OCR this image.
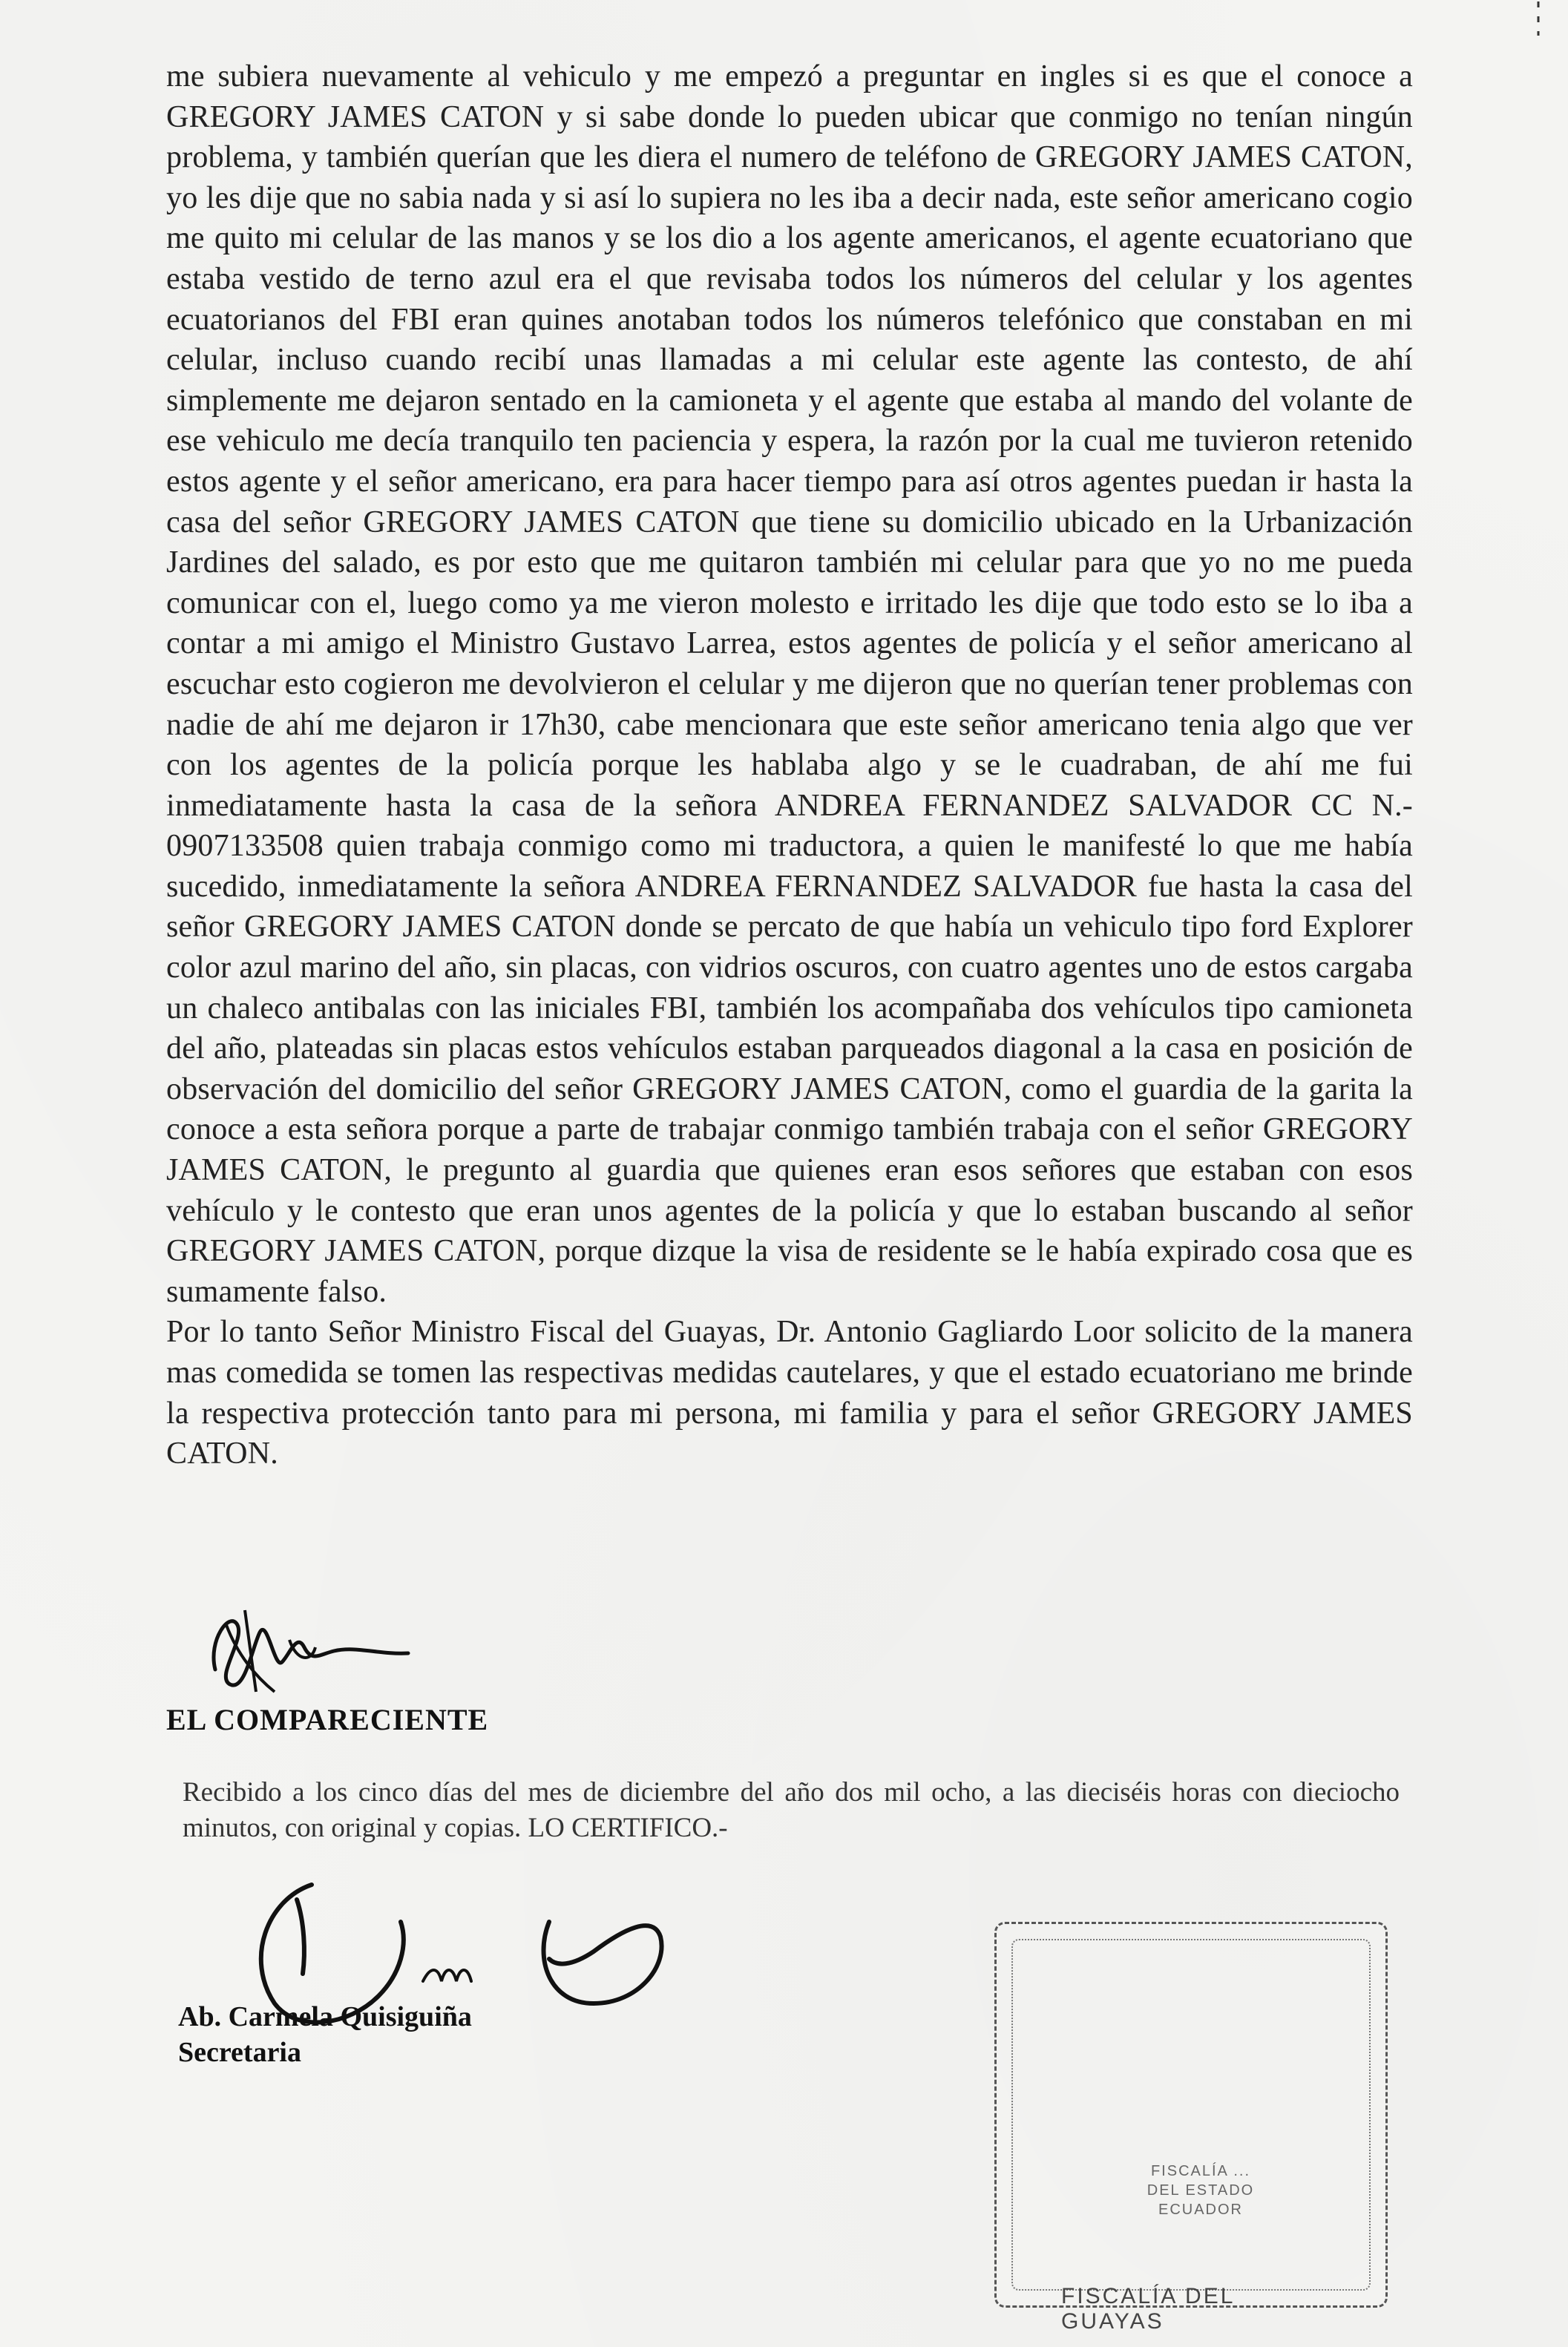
me subiera nuevamente al vehiculo y me empezó a preguntar en ingles si es que el conoce a GREGORY JAMES CATON y si sabe donde lo pueden ubicar que conmigo no tenían ningún problema, y también querían que les diera el numero de teléfono de GREGORY JAMES CATON, yo les dije que no sabia nada y si así lo supiera no les iba a decir nada, este señor americano cogio me quito mi celular de las manos y se los dio a los agente americanos, el agente ecuatoriano que estaba vestido de terno azul era el que revisaba todos los números del celular y los agentes ecuatorianos del FBI eran quines anotaban todos los números telefónico que constaban en mi celular, incluso cuando recibí unas llamadas a mi celular este agente las contesto, de ahí simplemente me dejaron sentado en la camioneta y el agente que estaba al mando del volante de ese vehiculo me decía tranquilo ten paciencia y espera, la razón por la cual me tuvieron retenido estos agente y el señor americano, era para hacer tiempo para así otros agentes puedan ir hasta la casa del señor GREGORY JAMES CATON que tiene su domicilio ubicado en la Urbanización Jardines del salado, es por esto que me quitaron también mi celular para que yo no me pueda comunicar con el, luego como ya me vieron molesto e irritado les dije que todo esto se lo iba a contar a mi amigo el Ministro Gustavo Larrea, estos agentes de policía y el señor americano al escuchar esto cogieron me devolvieron el celular y me dijeron que no querían tener problemas con nadie de ahí me dejaron ir 17h30, cabe mencionara que este señor americano tenia algo que ver con los agentes de la policía porque les hablaba algo y se le cuadraban, de ahí me fui inmediatamente hasta la casa de la señora ANDREA FERNANDEZ SALVADOR CC N.- 0907133508 quien trabaja conmigo como mi traductora, a quien le manifesté lo que me había sucedido, inmediatamente la señora ANDREA FERNANDEZ SALVADOR fue hasta la casa del señor GREGORY JAMES CATON donde se percato de que había un vehiculo tipo ford Explorer color azul marino del año, sin placas, con vidrios oscuros, con cuatro agentes uno de estos cargaba un chaleco antibalas con las iniciales FBI, también los acompañaba dos vehículos tipo camioneta del año, plateadas sin placas estos vehículos estaban parqueados diagonal a la casa en posición de observación del domicilio del señor GREGORY JAMES CATON, como el guardia de la garita la conoce a esta señora porque a parte de trabajar conmigo también trabaja con el señor GREGORY JAMES CATON, le pregunto al guardia que quienes eran esos señores que estaban con esos vehículo y le contesto que eran unos agentes de la policía y que lo estaban buscando al señor GREGORY JAMES CATON, porque dizque la visa de residente se le había expirado cosa que es sumamente falso.

Por lo tanto Señor Ministro Fiscal del Guayas, Dr. Antonio Gagliardo Loor solicito de la manera mas comedida se tomen las respectivas medidas cautelares, y que el estado ecuatoriano me brinde la respectiva protección tanto para mi persona, mi familia y para el señor GREGORY JAMES CATON.

EL COMPARECIENTE
Recibido a los cinco días del mes de diciembre del año dos mil ocho, a las dieciséis horas con dieciocho minutos, con original y copias. LO CERTIFICO.-
Ab. Carmela Quisiguiña
Secretaria
FISCALÍA ...
DEL ESTADO
ECUADOR
FISCALÍA DEL GUAYAS
